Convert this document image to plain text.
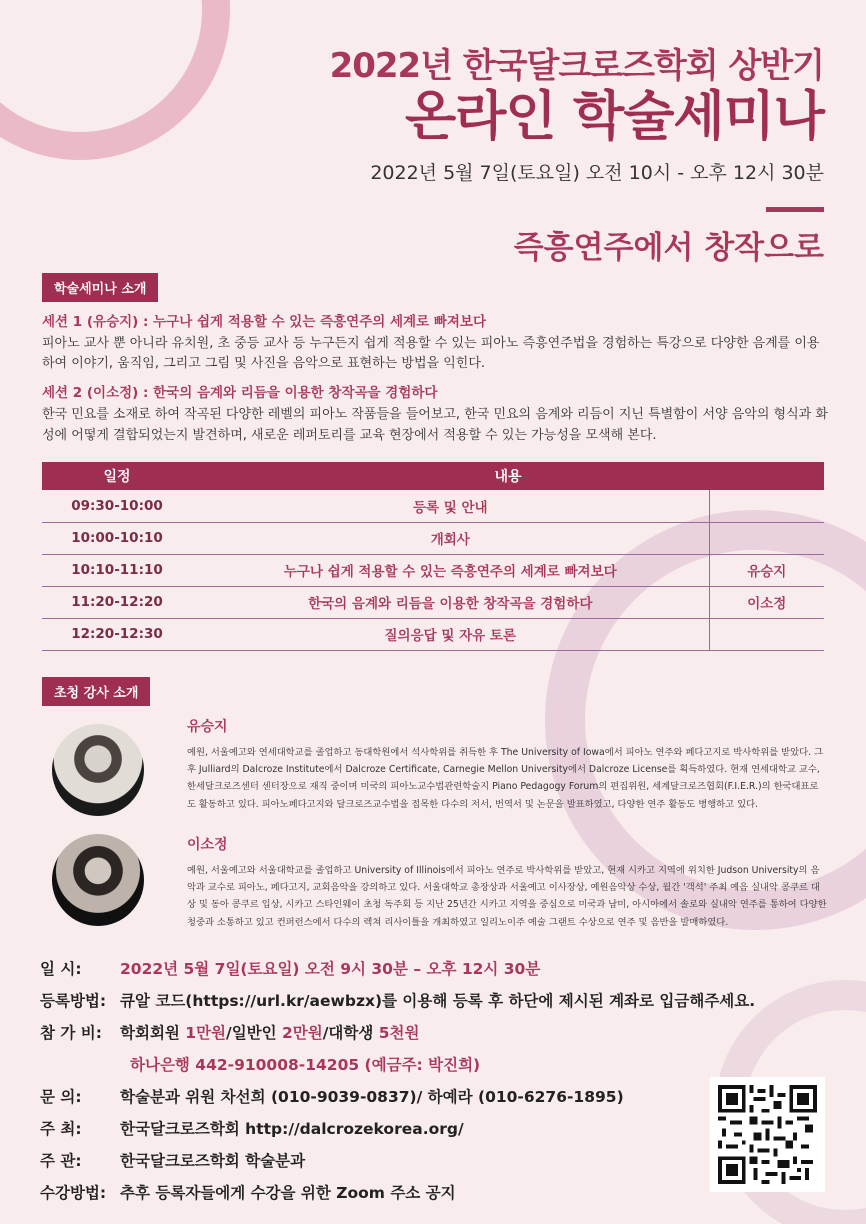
2022년 한국달크로즈학회 상반기
온라인 학술세미나
2022년 5월 7일(토요일) 오전 10시 - 오후 12시 30분
즉흥연주에서 창작으로
학술세미나 소개
세션 1 (유승지) : 누구나 쉽게 적용할 수 있는 즉흥연주의 세계로 빠져보다

피아노 교사 뿐 아니라 유치원, 초 중등 교사 등 누구든지 쉽게 적용할 수 있는 피아노 즉흥연주법을 경험하는 특강으로 다양한 음계를 이용하여 이야기, 움직임, 그리고 그림 및 사진을 음악으로 표현하는 방법을 익힌다.

세션 2 (이소정) : 한국의 음계와 리듬을 이용한 창작곡을 경험하다

한국 민요를 소재로 하여 작곡된 다양한 레벨의 피아노 작품들을 들어보고, 한국 민요의 음계와 리듬이 지닌 특별함이 서양 음악의 형식과 화성에 어떻게 결합되었는지 발견하며, 새로운 레퍼토리를 교육 현장에서 적용할 수 있는 가능성을 모색해 본다.

일정	내용	
09:30-10:00	등록 및 안내	
10:00-10:10	개회사	
10:10-11:10	누구나 쉽게 적용할 수 있는 즉흥연주의 세계로 빠져보다	유승지
11:20-12:20	한국의 음계와 리듬을 이용한 창작곡을 경험하다	이소정
12:20-12:30	질의응답 및 자유 토론	
초청 강사 소개
유승지
예원, 서울예고와 연세대학교를 졸업하고 동대학원에서 석사학위를 취득한 후 The University of Iowa에서 피아노 연주와 페다고지로 박사학위를 받았다. 그 후 Julliard의 Dalcroze Institute에서 Dalcroze Certificate, Carnegie Mellon University에서 Dalcroze License를 획득하였다. 현재 연세대학교 교수, 한세달크로즈센터 센터장으로 재직 중이며 미국의 피아노교수법관련학술지 Piano Pedagogy Forum의 편집위원, 세계달크로즈협회(F.I.E.R.)의 한국대표로도 활동하고 있다. 피아노페다고지와 달크로즈교수법을 접목한 다수의 저서, 번역서 및 논문을 발표하였고, 다양한 연주 활동도 병행하고 있다.
이소정
예원, 서울예고와 서울대학교를 졸업하고 University of Illinois에서 피아노 연주로 박사학위를 받았고, 현재 시카고 지역에 위치한 Judson University의 음악과 교수로 피아노, 페다고지, 교회음악을 강의하고 있다. 서울대학교 총장상과 서울예고 이사장상, 예원음악상 수상, 월간 '객석' 주최 예음 실내악 콩쿠르 대상 및 동아 콩쿠르 입상, 시카고 스타인웨이 초청 독주회 등 지난 25년간 시카고 지역을 중심으로 미국과 남미, 아시아에서 솔로와 실내악 연주를 통하여 다양한 청중과 소통하고 있고 컨퍼런스에서 다수의 렉쳐 리사이틀을 개최하였고 일리노이주 예술 그랜트 수상으로 연주 및 음반을 발매하였다.
일 시:	2022년 5월 7일(토요일) 오전 9시 30분 – 오후 12시 30분
등록방법: 큐알 코드(https://url.kr/aewbzx)를 이용해 등록 후 하단에 제시된 계좌로 입금해주세요.
참 가 비:	학회회원 1만원/일반인 2만원/대학생 5천원
하나은행 442-910008-14205 (예금주: 박진희)
문 의:	학술분과 위원 차선희 (010-9039-0837)/ 하예라 (010-6276-1895)
주 최:	한국달크로즈학회 http://dalcrozekorea.org/
주 관:	한국달크로즈학회 학술분과
수강방법: 추후 등록자들에게 수강을 위한 Zoom 주소 공지
